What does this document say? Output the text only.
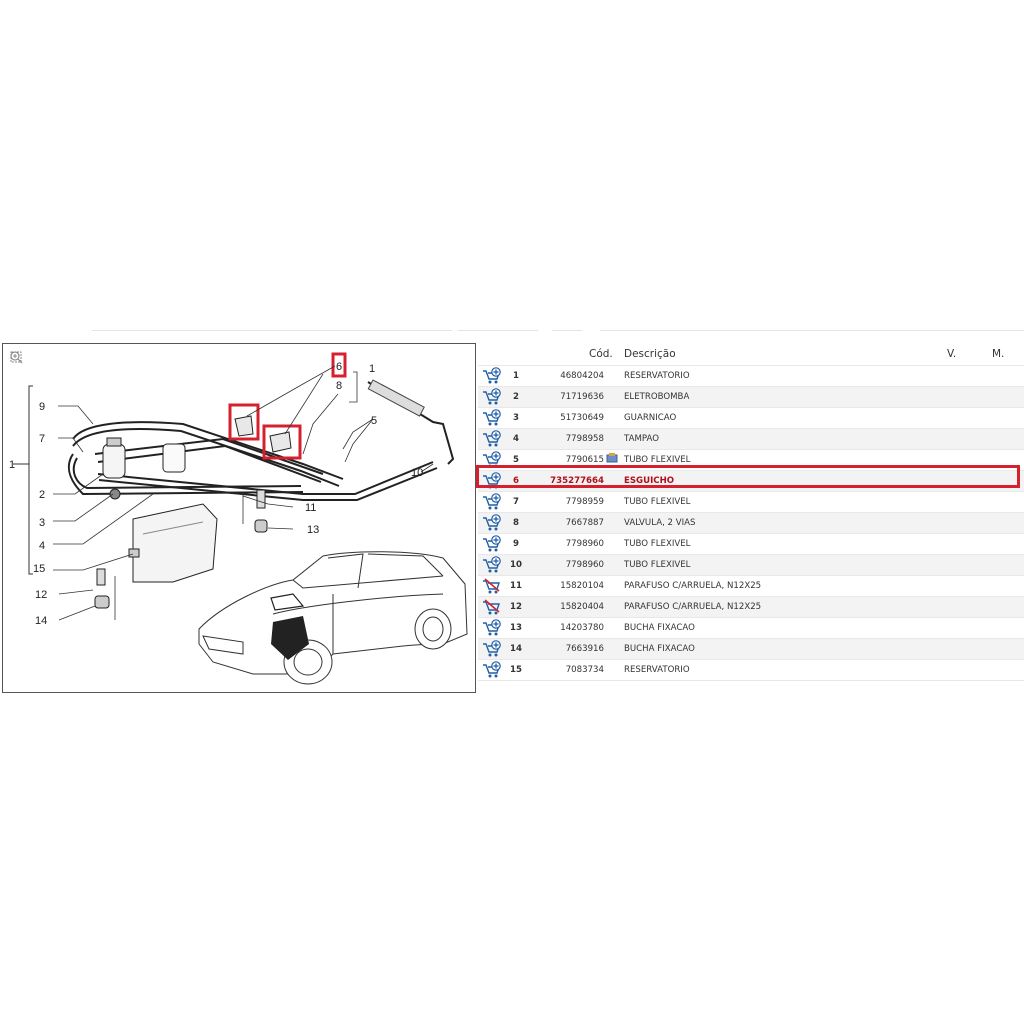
1
1
2
3
4
5
6
7
8
9
10
11
12
13
14
15
Cód. Descrição	V.	M.
1	46804204 RESERVATORIO
2	71719636 ELETROBOMBA
3	51730649 GUARNICAO
4	7798958 TAMPAO
5	7790615 TUBO FLEXIVEL
6	735277664 ESGUICHO
7	7798959 TUBO FLEXIVEL
8	7667887 VALVULA, 2 VIAS
9	7798960 TUBO FLEXIVEL
10	7798960 TUBO FLEXIVEL
11	15820104 PARAFUSO C/ARRUELA, N12X25
12	15820404 PARAFUSO C/ARRUELA, N12X25
13	14203780 BUCHA FIXACAO
14	7663916 BUCHA FIXACAO
15	7083734 RESERVATORIO
